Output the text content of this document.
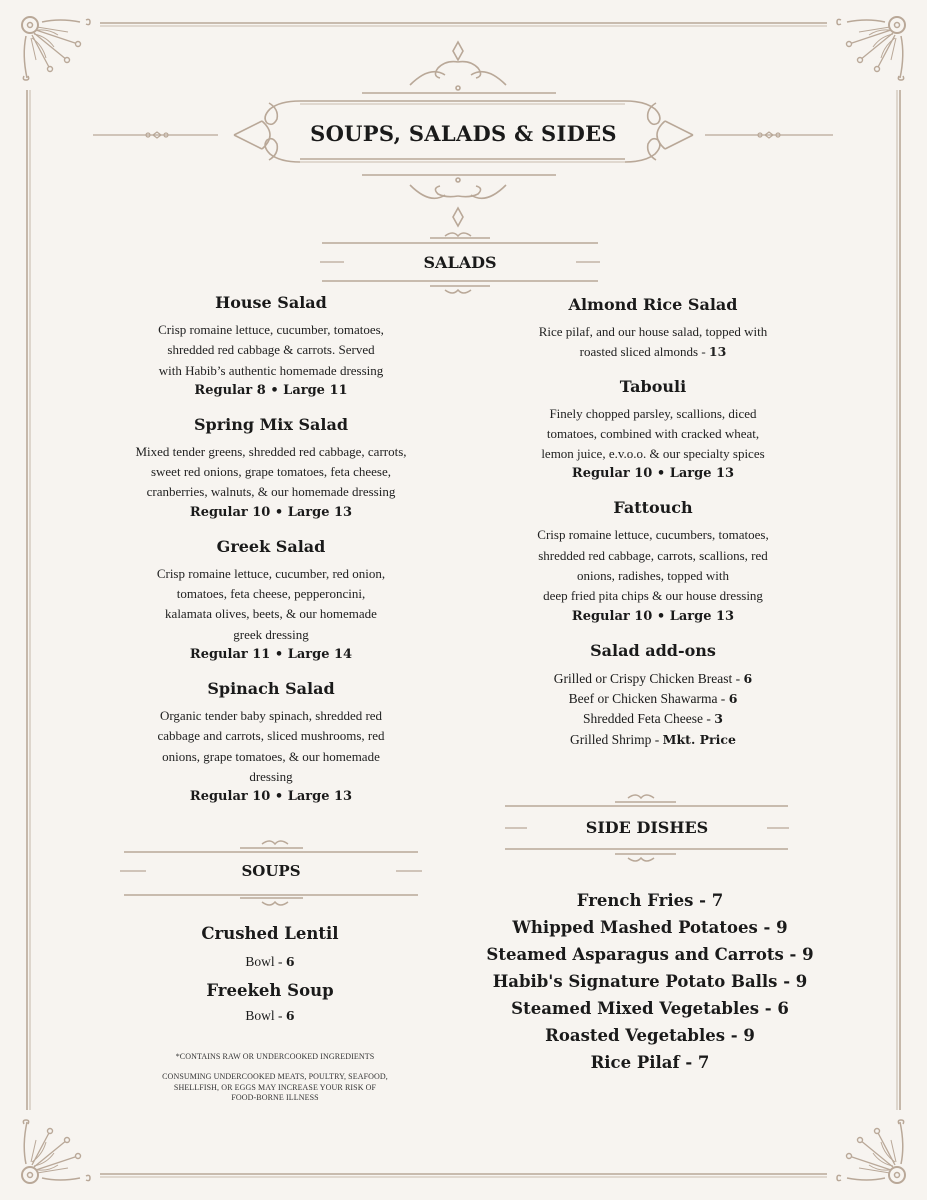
SOUPS, SALADS & SIDES
SALADS
SOUPS
SIDE DISHES
House Salad
Crisp romaine lettuce, cucumber, tomatoes,
shredded red cabbage & carrots. Served
with Habib’s authentic homemade dressing
Regular 8 • Large 11
Spring Mix Salad
Mixed tender greens, shredded red cabbage, carrots,
sweet red onions, grape tomatoes, feta cheese,
cranberries, walnuts, & our homemade dressing
Regular 10 • Large 13
Greek Salad
Crisp romaine lettuce, cucumber, red onion,
tomatoes, feta cheese, pepperoncini,
kalamata olives, beets, & our homemade
greek dressing
Regular 11 • Large 14
Spinach Salad
Organic tender baby spinach, shredded red
cabbage and carrots, sliced mushrooms, red
onions, grape tomatoes, & our homemade
dressing
Regular 10 • Large 13
Almond Rice Salad
Rice pilaf, and our house salad, topped with
roasted sliced almonds - 13
Tabouli
Finely chopped parsley, scallions, diced
tomatoes, combined with cracked wheat,
lemon juice, e.v.o.o. & our specialty spices
Regular 10 • Large 13
Fattouch
Crisp romaine lettuce, cucumbers, tomatoes,
shredded red cabbage, carrots, scallions, red
onions, radishes, topped with
deep fried pita chips & our house dressing
Regular 10 • Large 13
Salad add-ons
Grilled or Crispy Chicken Breast - 6
Beef or Chicken Shawarma - 6
Shredded Feta Cheese - 3
Grilled Shrimp - Mkt. Price
Crushed Lentil
Bowl - 6
Freekeh Soup
Bowl - 6
*CONTAINS RAW OR UNDERCOOKED INGREDIENTS
CONSUMING UNDERCOOKED MEATS, POULTRY, SEAFOOD,
SHELLFISH, OR EGGS MAY INCREASE YOUR RISK OF
FOOD-BORNE ILLNESS
French Fries - 7
Whipped Mashed Potatoes - 9
Steamed Asparagus and Carrots - 9
Habib's Signature Potato Balls - 9
Steamed Mixed Vegetables - 6
Roasted Vegetables - 9
Rice Pilaf - 7
